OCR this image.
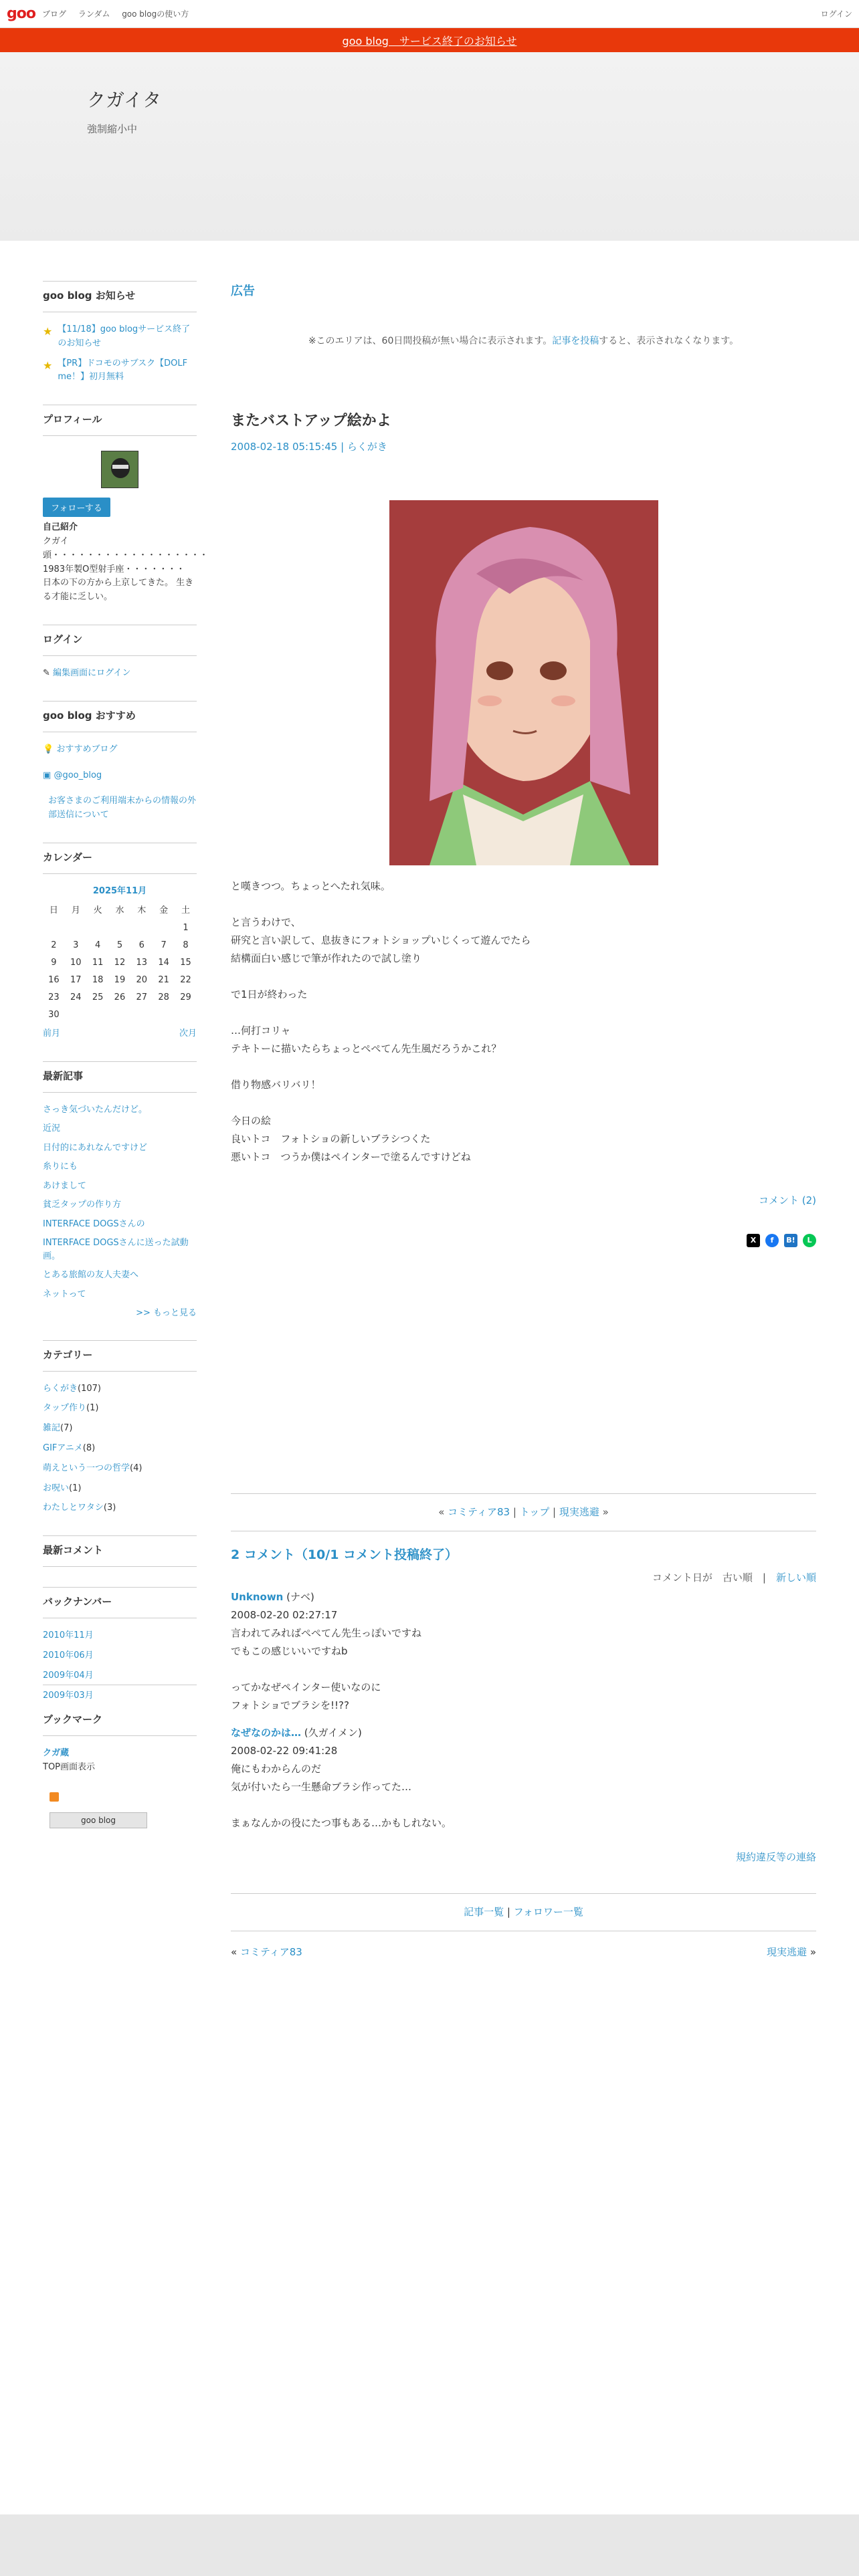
goo ブログ ランダム goo blogの使い方	ログイン
goo blog　サービス終了のお知らせ
クガイタ
強制縮小中
goo blog お知らせ
★ 【11/18】goo blogサービス終了のお知らせ
★ 【PR】ドコモのサブスク【DOLF me！】初月無料
プロフィール
フォローする
自己紹介
クガイ
頭・・・・・・・・・・・・・・・・・・
1983年製O型射手座・・・・・・・
日本の下の方から上京してきた。 生きる才能に乏しい。
ログイン
✎ 編集画面にログイン
goo blog おすすめ
💡 おすすめブログ
▣ @goo_blog
お客さまのご利用端末からの情報の外部送信について
カレンダー
2025年11月
日	月	火	水	木	金	土
						1
2	3	4	5	6	7	8
9	10	11	12	13	14	15
16	17	18	19	20	21	22
23	24	25	26	27	28	29
30						
前月	次月
最新記事
さっき気づいたんだけど。
近況
日付的にあれなんですけど
糸りにも
あけまして
貧乏タップの作り方
INTERFACE DOGSさんの
INTERFACE DOGSさんに送った試動画。
とある旅館の友人夫妻へ
ネットって
>> もっと見る
カテゴリー
らくがき(107)
タップ作り(1)
雑記(7)
GIFアニメ(8)
萌えという一つの哲学(4)
お呪い(1)
わたしとワタシ(3)
最新コメント
バックナンバー
2010年11月
2010年06月
2009年04月
2009年03月
ブックマーク
クガ蔵
TOP画面表示
goo blog
広告
※このエリアは、60日間投稿が無い場合に表示されます。記事を投稿すると、表示されなくなります。
またバストアップ絵かよ
2008-02-18 05:15:45 | らくがき

と嘆きつつ。ちょっとへたれ気味。

と言うわけで、

研究と言い訳して、息抜きにフォトショップいじくって遊んでたら

結構面白い感じで筆が作れたので試し塗り

で1日が終わった

…何打コリャ

テキトーに描いたらちょっとぺぺてん先生風だろうかこれ？

借り物感バリバリ！

今日の絵

良いトコ　フォトショの新しいブラシつくた

悪いトコ　つうか僕はペインターで塗るんですけどね

コメント (2)
X	f	B!	L
« コミティア83 | トップ | 現実逃避 »
2 コメント（10/1 コメント投稿終了）
コメント日が　 古い順　|　新しい順
Unknown (ナベ)
2008-02-20 02:27:17
言われてみればぺぺてん先生っぽいですね
でもこの感じいいですねb
ってかなぜペインター使いなのに
フォトショでブラシを!!??
なぜなのかは… (久ガイメン)
2008-02-22 09:41:28
俺にもわからんのだ
気が付いたら一生懸命ブラシ作ってた…
まぁなんかの役にたつ事もある…かもしれない。
規約違反等の連絡
記事一覧 | フォロワー一覧
« コミティア83	現実逃避 »
